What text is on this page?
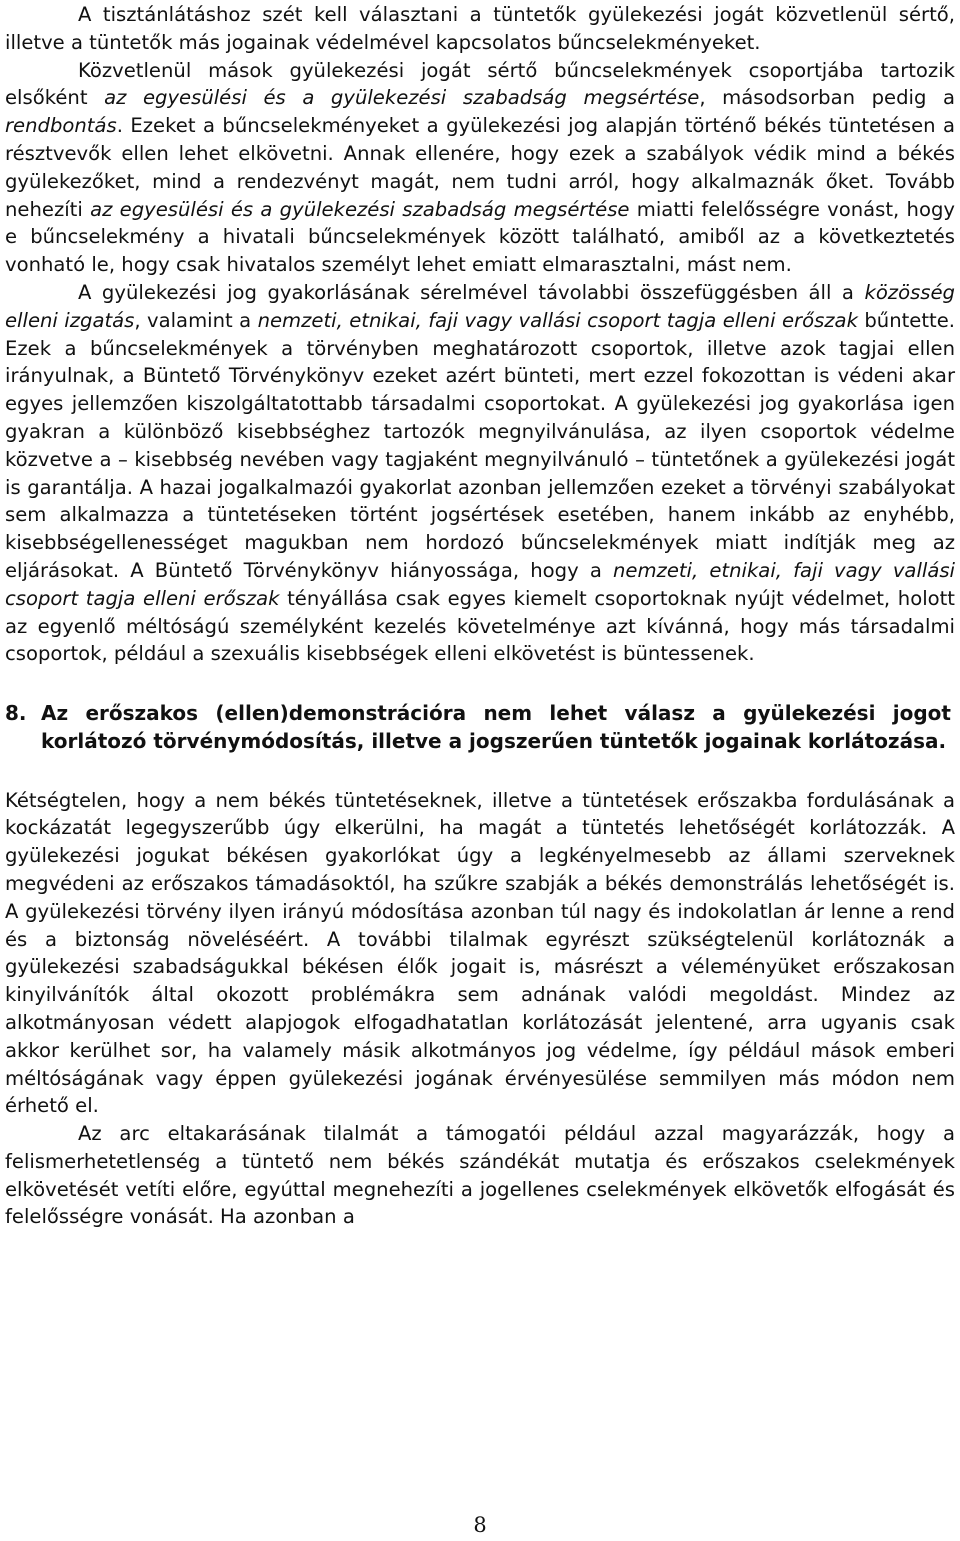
A tisztánlátáshoz szét kell választani a tüntetők gyülekezési jogát közvetlenül sértő, illetve a tüntetők más jogainak védelmével kapcsolatos bűncselekményeket.

Közvetlenül mások gyülekezési jogát sértő bűncselekmények csoportjába tartozik elsőként az egyesülési és a gyülekezési szabadság megsértése, másodsorban pedig a rendbontás. Ezeket a bűncselekményeket a gyülekezési jog alapján történő békés tüntetésen a résztvevők ellen lehet elkövetni. Annak ellenére, hogy ezek a szabályok védik mind a békés gyülekezőket, mind a rendezvényt magát, nem tudni arról, hogy alkalmaznák őket. Tovább nehezíti az egyesülési és a gyülekezési szabadság megsértése miatti felelősségre vonást, hogy e bűncselekmény a hivatali bűncselekmények között található, amiből az a következtetés vonható le, hogy csak hivatalos személyt lehet emiatt elmarasztalni, mást nem.

A gyülekezési jog gyakorlásának sérelmével távolabbi összefüggésben áll a közösség elleni izgatás, valamint a nemzeti, etnikai, faji vagy vallási csoport tagja elleni erőszak bűntette. Ezek a bűncselekmények a törvényben meghatározott csoportok, illetve azok tagjai ellen irányulnak, a Büntető Törvénykönyv ezeket azért bünteti, mert ezzel fokozottan is védeni akar egyes jellemzően kiszolgáltatottabb társadalmi csoportokat. A gyülekezési jog gyakorlása igen gyakran a különböző kisebbséghez tartozók megnyilvánulása, az ilyen csoportok védelme közvetve a – kisebbség nevében vagy tagjaként megnyilvánuló – tüntetőnek a gyülekezési jogát is garantálja. A hazai jogalkalmazói gyakorlat azonban jellemzően ezeket a törvényi szabályokat sem alkalmazza a tüntetéseken történt jogsértések esetében, hanem inkább az enyhébb, kisebbségellenességet magukban nem hordozó bűncselekmények miatt indítják meg az eljárásokat. A Büntető Törvénykönyv hiányossága, hogy a nemzeti, etnikai, faji vagy vallási csoport tagja elleni erőszak tényállása csak egyes kiemelt csoportoknak nyújt védelmet, holott az egyenlő méltóságú személyként kezelés követelménye azt kívánná, hogy más társadalmi csoportok, például a szexuális kisebbségek elleni elkövetést is büntessenek.

8. Az erőszakos (ellen)demonstrációra nem lehet válasz a gyülekezési jogot korlátozó törvénymódosítás, illetve a jogszerűen tüntetők jogainak korlátozása.

Kétségtelen, hogy a nem békés tüntetéseknek, illetve a tüntetések erőszakba fordulásának a kockázatát legegyszerűbb úgy elkerülni, ha magát a tüntetés lehetőségét korlátozzák. A gyülekezési jogukat békésen gyakorlókat úgy a legkényelmesebb az állami szerveknek megvédeni az erőszakos támadásoktól, ha szűkre szabják a békés demonstrálás lehetőségét is. A gyülekezési törvény ilyen irányú módosítása azonban túl nagy és indokolatlan ár lenne a rend és a biztonság növeléséért. A további tilalmak egyrészt szükségtelenül korlátoznák a gyülekezési szabadságukkal békésen élők jogait is, másrészt a véleményüket erőszakosan kinyilvánítók által okozott problémákra sem adnának valódi megoldást. Mindez az alkotmányosan védett alapjogok elfogadhatatlan korlátozását jelentené, arra ugyanis csak akkor kerülhet sor, ha valamely másik alkotmányos jog védelme, így például mások emberi méltóságának vagy éppen gyülekezési jogának érvényesülése semmilyen más módon nem érhető el.

Az arc eltakarásának tilalmát a támogatói például azzal magyarázzák, hogy a felismerhetetlenség a tüntető nem békés szándékát mutatja és erőszakos cselekmények elkövetését vetíti előre, egyúttal megnehezíti a jogellenes cselekmények elkövetők elfogását és felelősségre vonását. Ha azonban a

8
